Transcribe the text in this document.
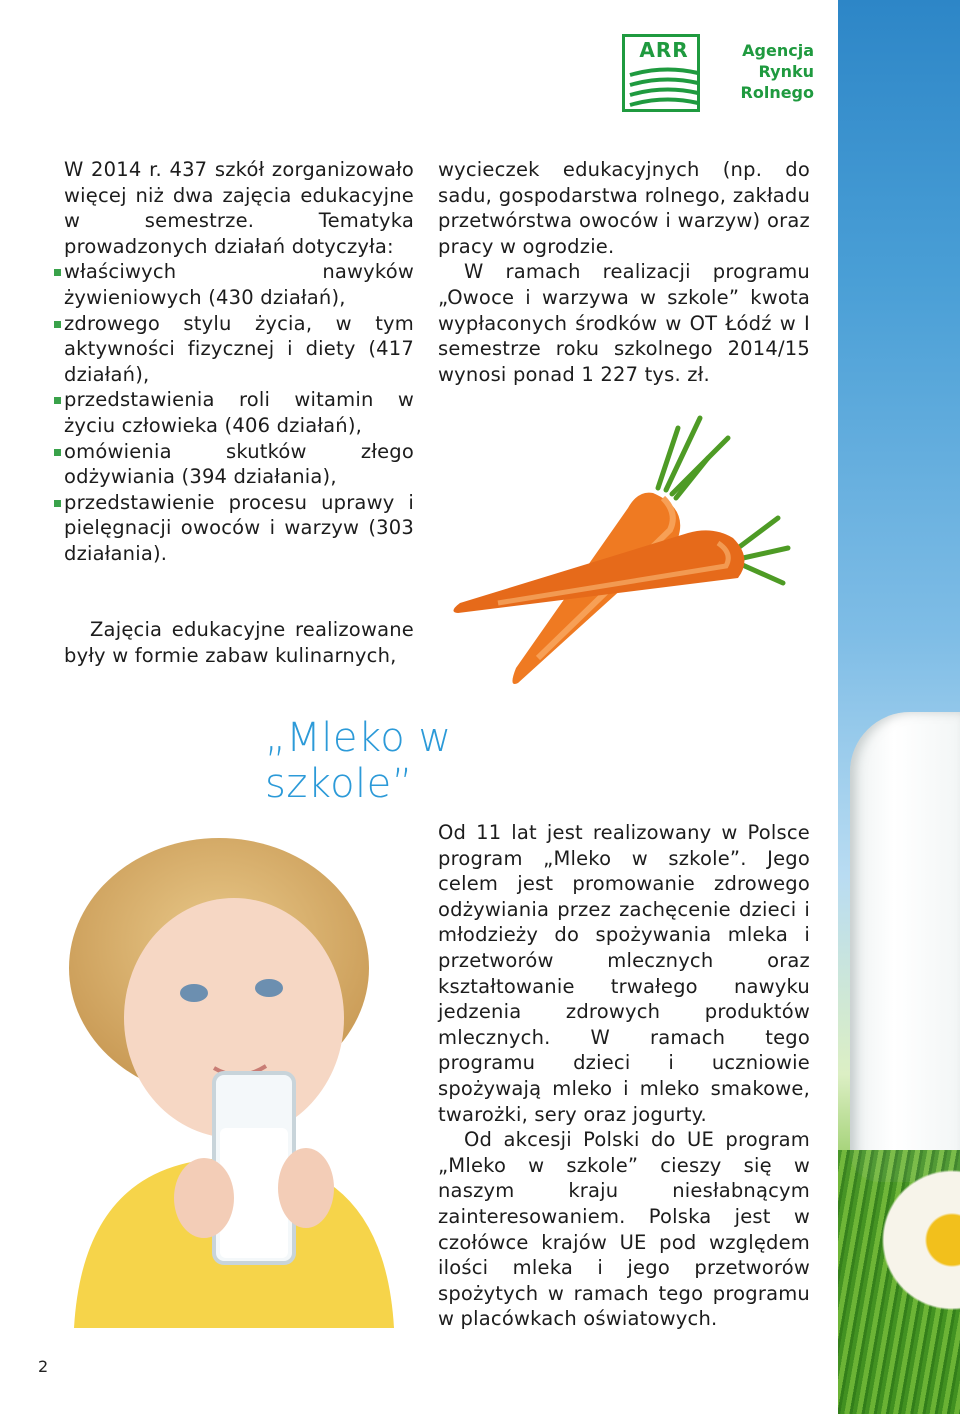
ARR	Agencja
Rynku
Rolnego

W 2014 r. 437 szkół zorganizowało więcej niż dwa zajęcia edukacyjne w semestrze. Tematyka prowadzonych działań dotyczyła:

właściwych nawyków żywieniowych (430 działań),
zdrowego stylu życia, w tym aktywności fizycznej i diety (417 działań),
przedstawienia roli witamin w życiu człowieka (406 działań),
omówienia skutków złego odżywiania (394 działania),
przedstawienie procesu uprawy i pielęgnacji owoców i warzyw (303 działania).

Zajęcia edukacyjne realizowane były w formie zabaw kulinarnych,

wycieczek edukacyjnych (np. do sadu, gospodarstwa rolnego, zakładu przetwórstwa owoców i warzyw) oraz pracy w ogrodzie.

W ramach realizacji programu „Owoce i warzywa w szkole” kwota wypłaconych środków w OT Łódź w I semestrze roku szkolnego 2014/15 wynosi ponad 1 227 tys. zł.

„Mleko w szkole”

Od 11 lat jest realizowany w Polsce program „Mleko w szkole”. Jego celem jest promowanie zdrowego odżywiania przez zachęcenie dzieci i młodzieży do spożywania mleka i przetworów mlecznych oraz kształtowanie trwałego nawyku jedzenia zdrowych produktów mlecznych. W ramach tego programu dzieci i uczniowie spożywają mleko i mleko smakowe, twarożki, sery oraz jogurty.

Od akcesji Polski do UE program „Mleko w szkole” cieszy się w naszym kraju niesłabnącym zainteresowaniem. Polska jest w czołówce krajów UE pod względem ilości mleka i jego przetworów spożytych w ramach tego programu w placówkach oświatowych.

2
